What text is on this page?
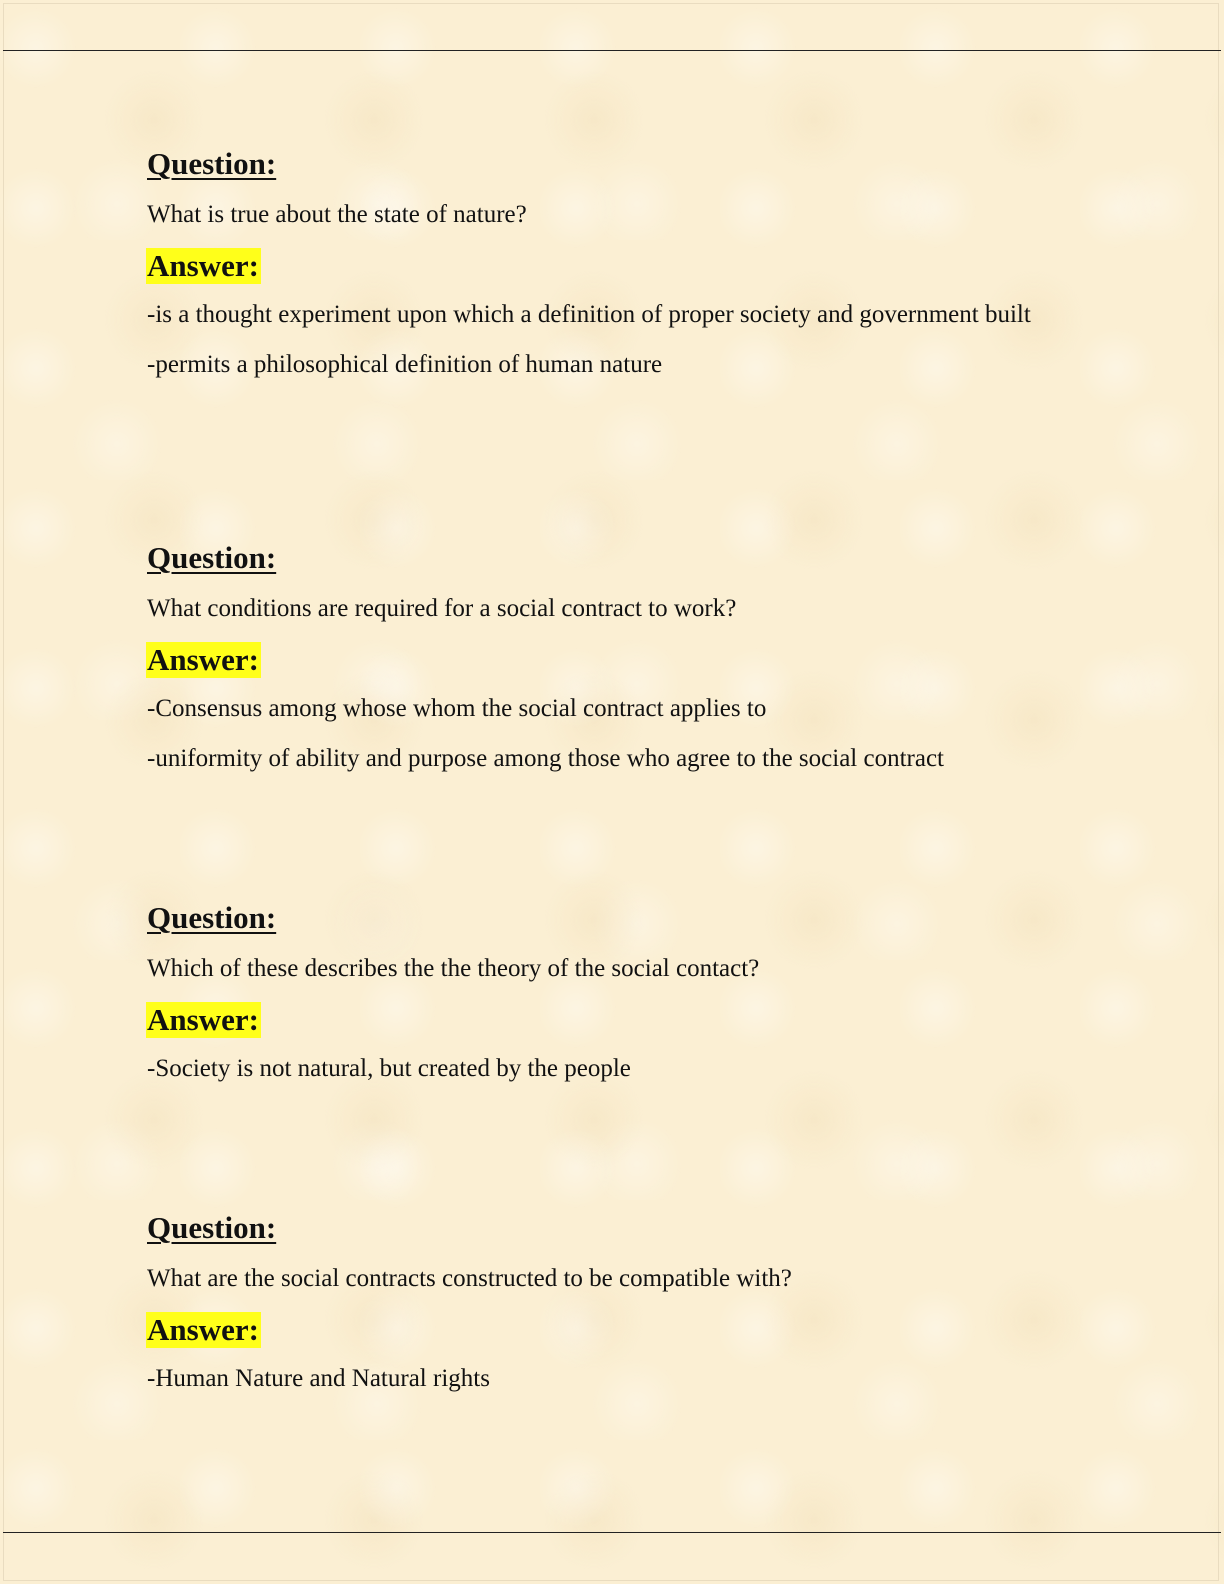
Question:

What is true about the state of nature?

Answer:
-is a thought experiment upon which a definition of proper society and government built
-permits a philosophical definition of human nature

Question:

What conditions are required for a social contract to work?

Answer:
-Consensus among whose whom the social contract applies to
-uniformity of ability and purpose among those who agree to the social contract

Question:

Which of these describes the the theory of the social contact?

Answer:
-Society is not natural, but created by the people

Question:

What are the social contracts constructed to be compatible with?

Answer:
-Human Nature and Natural rights
